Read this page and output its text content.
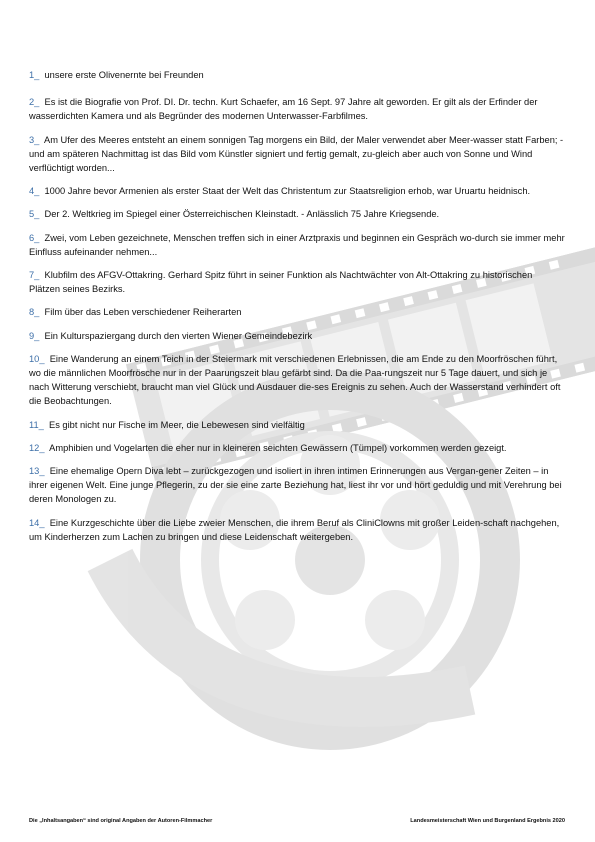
1_ unsere erste Olivenernte bei Freunden

2_ Es ist die Biografie von Prof. DI. Dr. techn. Kurt Schaefer, am 16 Sept. 97 Jahre alt geworden. Er gilt als der Erfinder der wasserdichten Kamera und als Begründer des modernen Unterwasser-Farbfilmes.

3_ Am Ufer des Meeres entsteht an einem sonnigen Tag morgens ein Bild, der Maler verwendet aber Meer-wasser statt Farben; - und am späteren Nachmittag ist das Bild vom Künstler signiert und fertig gemalt, zu-gleich aber auch von Sonne und Wind verflüchtigt worden...

4_ 1000 Jahre bevor Armenien als erster Staat der Welt das Christentum zur Staatsreligion erhob, war Uruartu heidnisch.

5_ Der 2. Weltkrieg im Spiegel einer Österreichischen Kleinstadt. - Anlässlich 75 Jahre Kriegsende.

6_ Zwei, vom Leben gezeichnete, Menschen treffen sich in einer Arztpraxis und beginnen ein Gespräch wo-durch sie immer mehr Einfluss aufeinander nehmen...

7_ Klubfilm des AFGV-Ottakring. Gerhard Spitz führt in seiner Funktion als Nachtwächter von Alt-Ottakring zu historischen Plätzen seines Bezirks.

8_ Film über das Leben verschiedener Reiherarten

9_ Ein Kulturspaziergang durch den vierten Wiener Gemeindebezirk

10_ Eine Wanderung an einem Teich in der Steiermark mit verschiedenen Erlebnissen, die am Ende zu den Moorfröschen führt, wo die männlichen Moorfrösche nur in der Paarungszeit blau gefärbt sind. Da die Paa-rungszeit nur 5 Tage dauert, und sich je nach Witterung verschiebt, braucht man viel Glück und Ausdauer die-ses Ereignis zu sehen. Auch der Wasserstand verhindert oft die Beobachtungen.

11_ Es gibt nicht nur Fische im Meer, die Lebewesen sind vielfältig

12_ Amphibien und Vogelarten die eher nur in kleineren seichten Gewässern (Tümpel) vorkommen werden gezeigt.

13_ Eine ehemalige Opern Diva lebt – zurückgezogen und isoliert in ihren intimen Erinnerungen aus Vergan-gener Zeiten – in ihrer eigenen Welt. Eine junge Pflegerin, zu der sie eine zarte Beziehung hat, liest ihr vor und hört geduldig und mit Verehrung bei deren Monologen zu.

14_ Eine Kurzgeschichte über die Liebe zweier Menschen, die ihrem Beruf als CliniClowns mit großer Leiden-schaft nachgehen, um Kinderherzen zum Lachen zu bringen und diese Leidenschaft weitergeben.

Die „Inhaltsangaben“ sind original Angaben der Autoren-Filmmacher	Landesmeisterschaft Wien und Burgenland Ergebnis 2020
